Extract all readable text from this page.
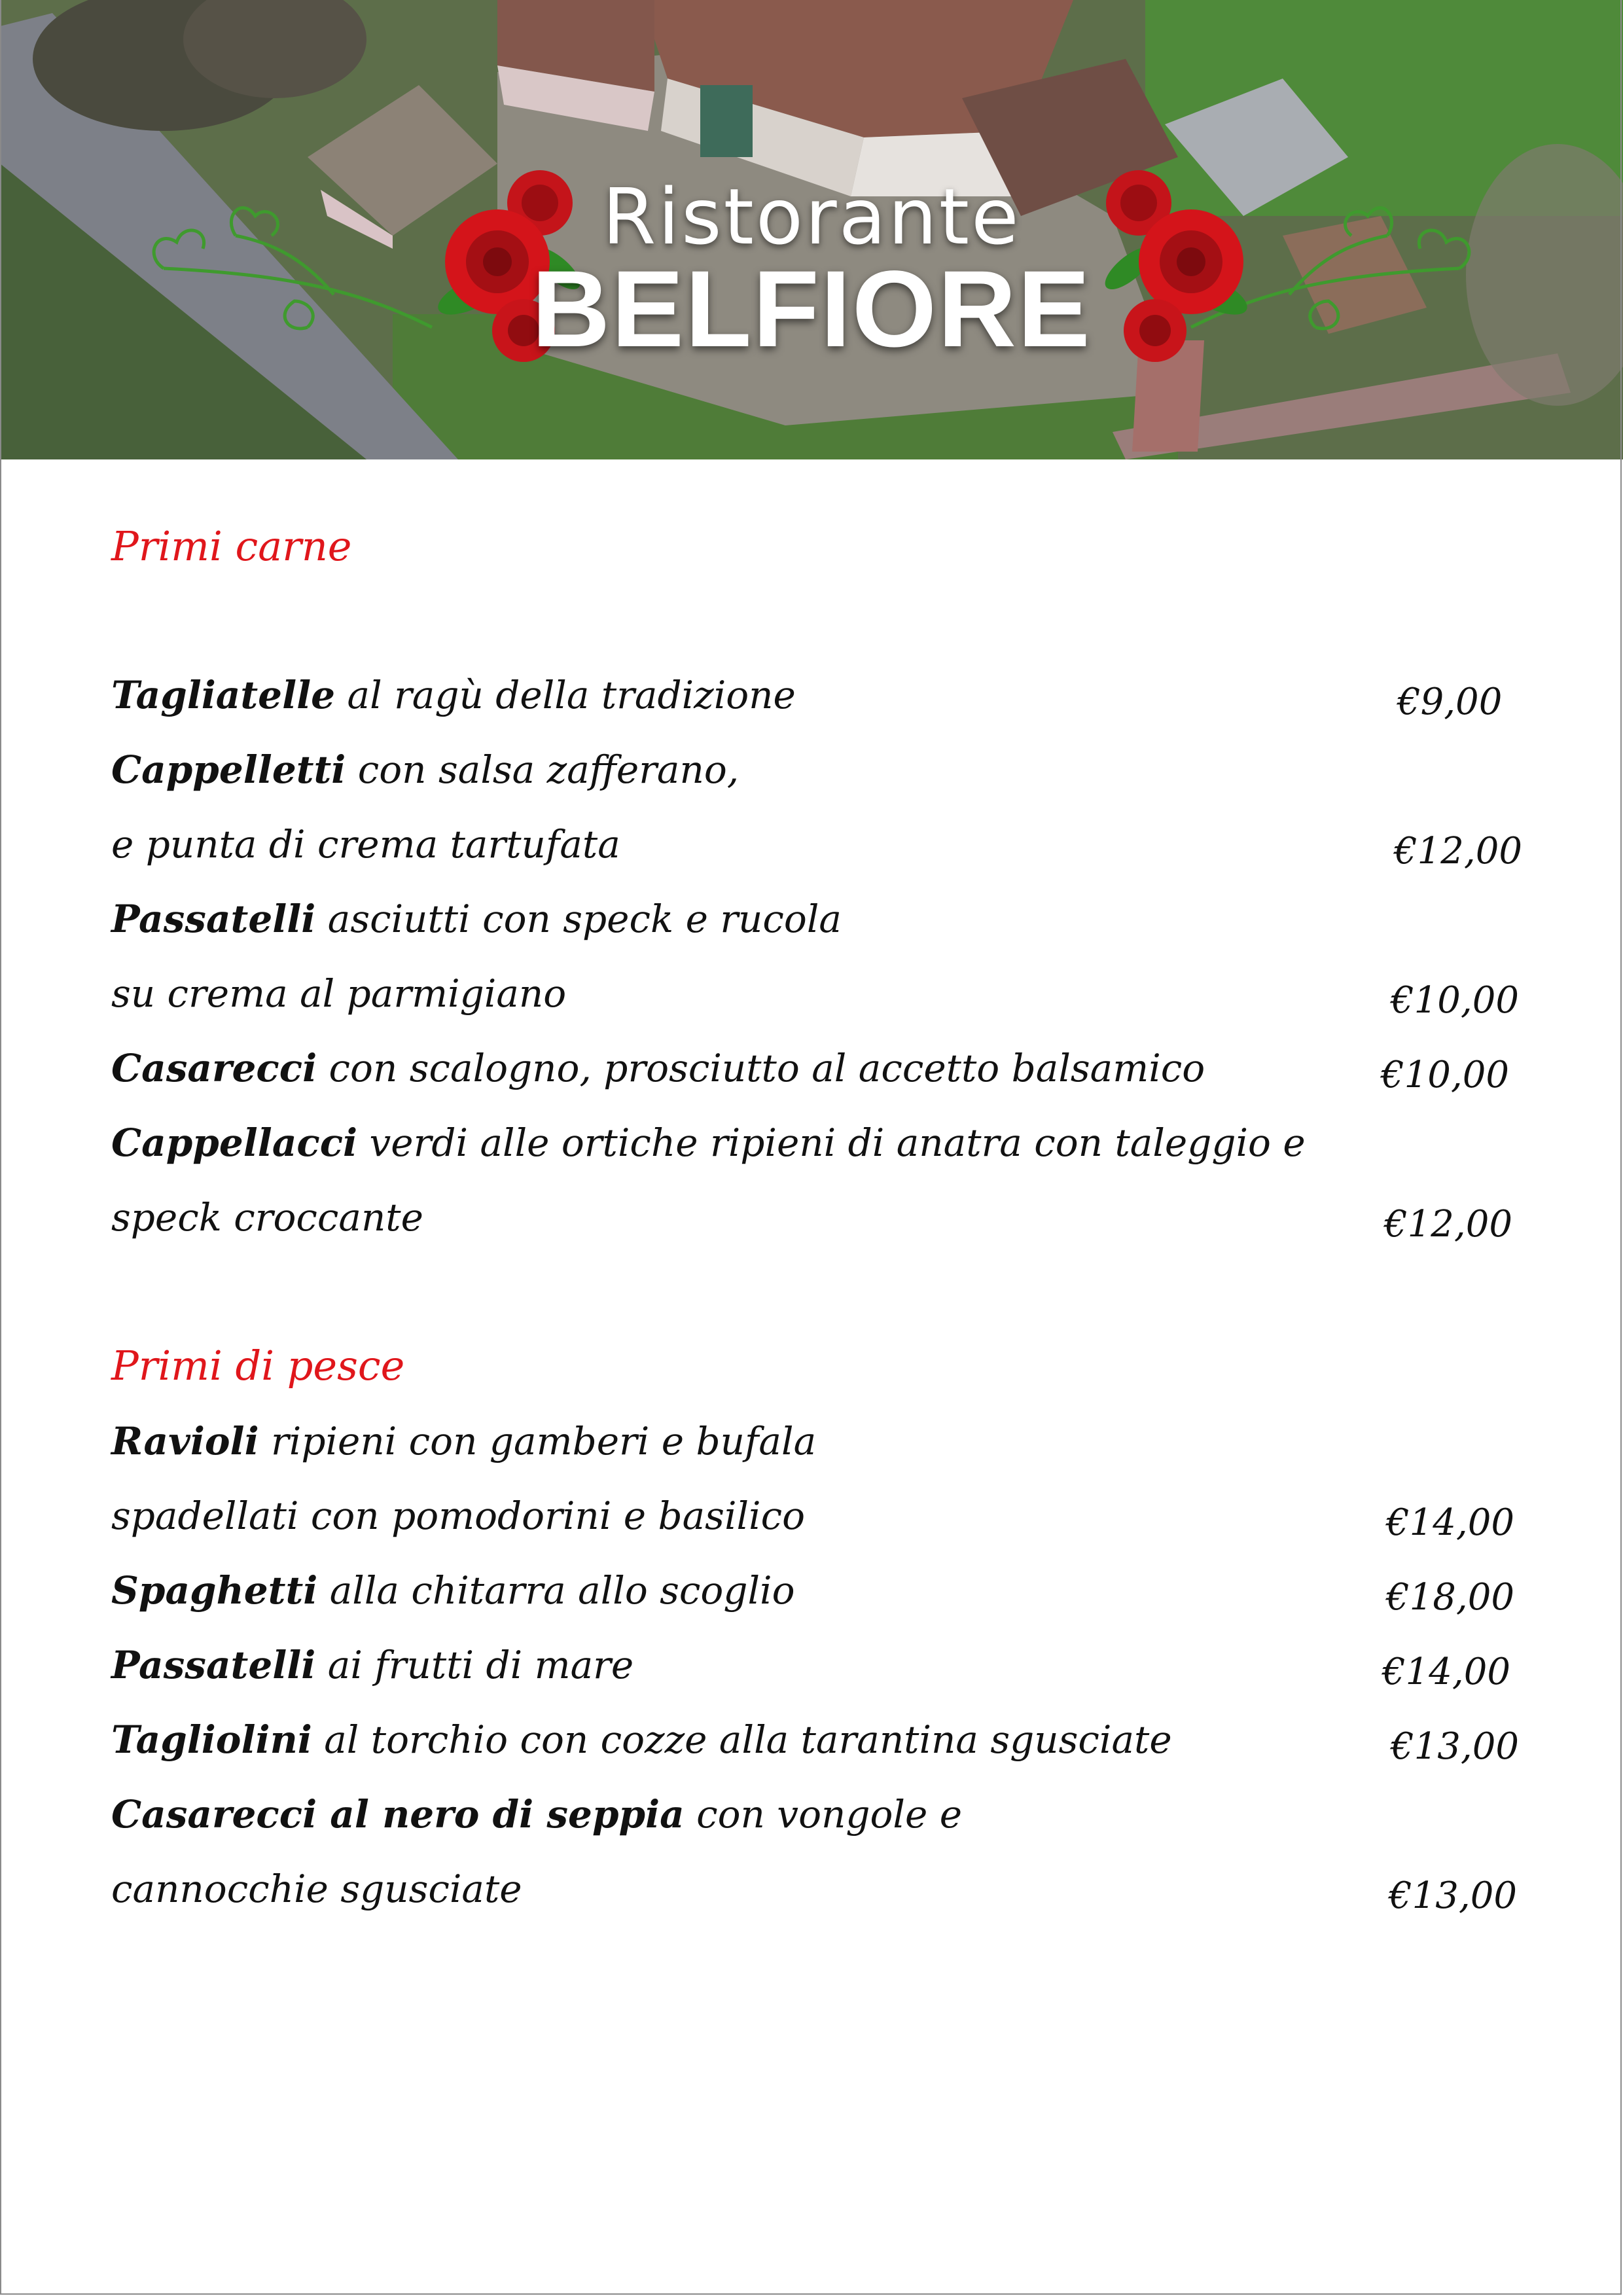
Ristorante
BELFIORE
Primi carne
Tagliatelle al ragù della tradizione	€9,00
Cappelletti con salsa zafferano,
e punta di crema tartufata	€12,00
Passatelli asciutti con speck e rucola
su crema al parmigiano	€10,00
Casarecci con scalogno, prosciutto al accetto balsamico	€10,00
Cappellacci verdi alle ortiche ripieni di anatra con taleggio e
speck croccante	€12,00
Primi di pesce
Ravioli ripieni con gamberi e bufala
spadellati con pomodorini e basilico	€14,00
Spaghetti alla chitarra allo scoglio	€18,00
Passatelli ai frutti di mare	€14,00
Tagliolini al torchio con cozze alla tarantina sgusciate	€13,00
Casarecci al nero di seppia con vongole e
cannocchie sgusciate	€13,00
